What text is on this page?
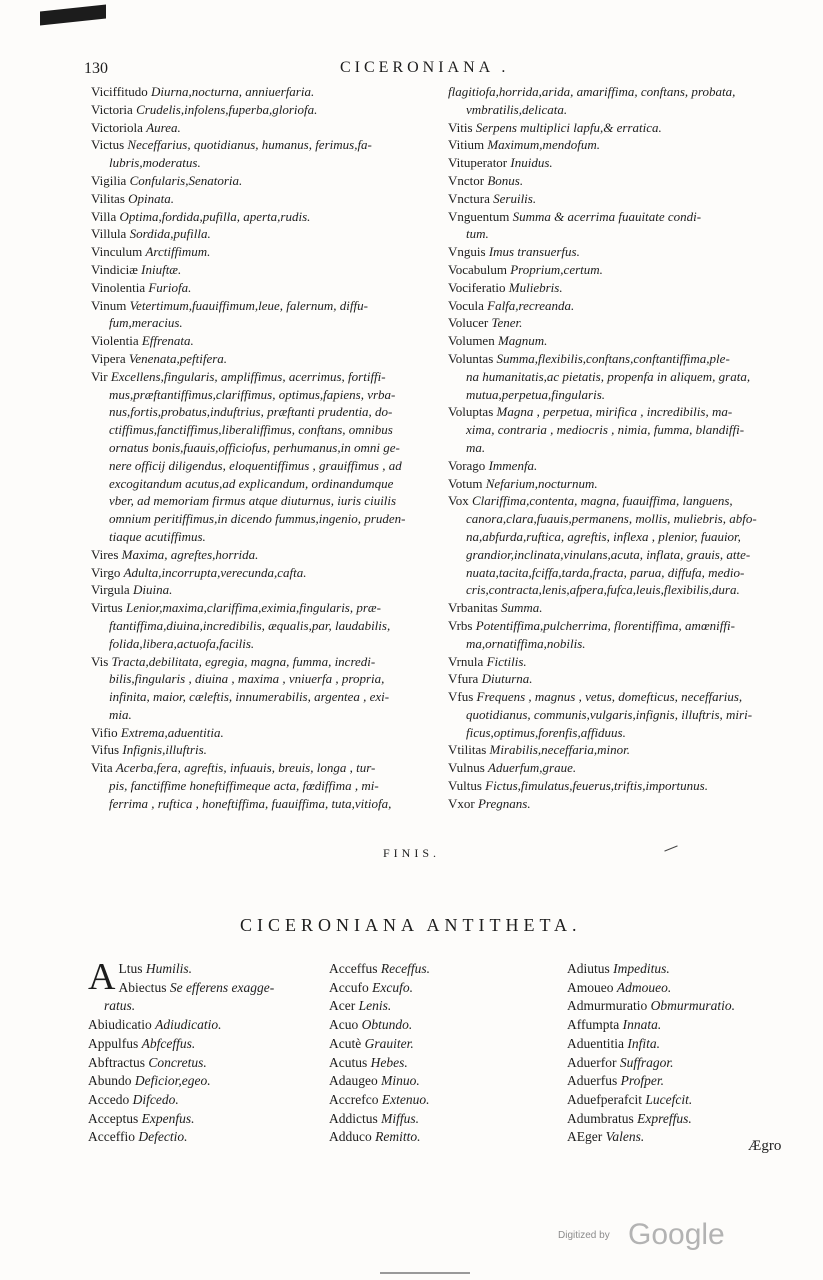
130	CICERONIANA .
Viciffitudo Diurna,nocturna, anniuerfaria.
Victoria Crudelis,infolens,fuperba,gloriofa.
Victoriola Aurea.
Victus Neceffarius, quotidianus, humanus, ferimus,fa-
lubris,moderatus.
Vigilia Confularis,Senatoria.
Vilitas Opinata.
Villa Optima,fordida,pufilla, aperta,rudis.
Villula Sordida,pufilla.
Vinculum Arctiffimum.
Vindiciæ Iniuftæ.
Vinolentia Furiofa.
Vinum Vetertimum,fuauiffimum,leue, falernum, diffu-
fum,meracius.
Violentia Effrenata.
Vipera Venenata,peftifera.
Vir Excellens,fingularis, ampliffimus, acerrimus, fortiffi-
mus,præftantiffimus,clariffimus, optimus,fapiens, vrba-
nus,fortis,probatus,induftrius, præftanti prudentia, do-
ctiffimus,fanctiffimus,liberaliffimus, conftans, omnibus
ornatus bonis,fuauis,officiofus, perhumanus,in omni ge-
nere officij diligendus, eloquentiffimus , grauiffimus , ad
excogitandum acutus,ad explicandum, ordinandumque
vber, ad memoriam firmus atque diuturnus, iuris ciuilis
omnium peritiffimus,in dicendo fummus,ingenio, pruden-
tiaque acutiffimus.
Vires Maxima, agreftes,horrida.
Virgo Adulta,incorrupta,verecunda,cafta.
Virgula Diuina.
Virtus Lenior,maxima,clariffima,eximia,fingularis, præ-
ftantiffima,diuina,incredibilis, æqualis,par, laudabilis,
folida,libera,actuofa,facilis.
Vis Tracta,debilitata, egregia, magna, fumma, incredi-
bilis,fingularis , diuina , maxima , vniuerfa , propria,
infinita, maior, cæleftis, innumerabilis, argentea , exi-
mia.
Vifio Extrema,aduentitia.
Vifus Infignis,illuftris.
Vita Acerba,fera, agreftis, infuauis, breuis, longa , tur-
pis, fanctiffime honeftiffimeque acta, fœdiffima , mi-
ferrima , ruftica , honeftiffima, fuauiffima, tuta,vitiofa,
flagitiofa,horrida,arida, amariffima, conftans, probata,
vmbratilis,delicata.
Vitis Serpens multiplici lapfu,& erratica.
Vitium Maximum,mendofum.
Vituperator Inuidus.
Vnctor Bonus.
Vnctura Seruilis.
Vnguentum Summa & acerrima fuauitate condi-
tum.
Vnguis Imus transuerfus.
Vocabulum Proprium,certum.
Vociferatio Muliebris.
Vocula Falfa,recreanda.
Volucer Tener.
Volumen Magnum.
Voluntas Summa,flexibilis,conftans,conftantiffima,ple-
na humanitatis,ac pietatis, propenfa in aliquem, grata,
mutua,perpetua,fingularis.
Voluptas Magna , perpetua, mirifica , incredibilis, ma-
xima, contraria , mediocris , nimia, fumma, blandiffi-
ma.
Vorago Immenfa.
Votum Nefarium,nocturnum.
Vox Clariffima,contenta, magna, fuauiffima, languens,
canora,clara,fuauis,permanens, mollis, muliebris, abfo-
na,abfurda,ruftica, agreftis, inflexa , plenior, fuauior,
grandior,inclinata,vinulans,acuta, inflata, grauis, atte-
nuata,tacita,fciffa,tarda,fracta, parua, diffufa, medio-
cris,contracta,lenis,afpera,fufca,leuis,flexibilis,dura.
Vrbanitas Summa.
Vrbs Potentiffima,pulcherrima, florentiffima, amœniffi-
ma,ornatiffima,nobilis.
Vrnula Fictilis.
Vfura Diuturna.
Vfus Frequens , magnus , vetus, domefticus, neceffarius,
quotidianus, communis,vulgaris,infignis, illuftris, miri-
ficus,optimus,forenfis,affiduus.
Vtilitas Mirabilis,neceffaria,minor.
Vulnus Aduerfum,graue.
Vultus Fictus,fimulatus,feuerus,triftis,importunus.
Vxor Pregnans.
FINIS.
CICERONIANA ANTITHETA.
A Ltus Humilis.
Abiectus Se efferens exagge-
ratus.
Abiudicatio Adiudicatio.
Appulfus Abfceffus.
Abftractus Concretus.
Abundo Deficior,egeo.
Accedo Difcedo.
Acceptus Expenfus.
Acceffio Defectio.
Acceffus Receffus.
Accufo Excufo.
Acer Lenis.
Acuo Obtundo.
Acutè Grauiter.
Acutus Hebes.
Adaugeo Minuo.
Accrefco Extenuo.
Addictus Miffus.
Adduco Remitto.
Adiutus Impeditus.
Amoueo Admoueo.
Admurmuratio Obmurmuratio.
Affumpta Innata.
Aduentitia Infita.
Aduerfor Suffragor.
Aduerfus Profper.
Aduefperafcit Lucefcit.
Adumbratus Expreffus.
AEger Valens.
Ægro
Digitized by Google
